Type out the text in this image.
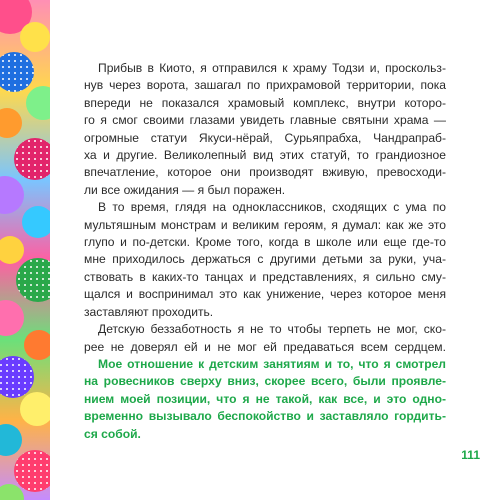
Прибыв в Киото, я отправился к храму Тодзи и, проскольз-
нув через ворота, зашагал по прихрамовой территории, пока
впереди не показался храмовый комплекс, внутри которо-
го я смог своими глазами увидеть главные святыни храма —
огромные статуи Якуси-нёрай, Сурьяпрабха, Чандрапраб-
ха и другие. Великолепный вид этих статуй, то грандиозное
впечатление, которое они производят вживую, превосходи-
ли все ожидания — я был поражен.
В то время, глядя на одноклассников, сходящих с ума по
мультяшным монстрам и великим героям, я думал: как же это
глупо и по-детски. Кроме того, когда в школе или еще где-то
мне приходилось держаться с другими детьми за руки, уча-
ствовать в каких-то танцах и представлениях, я сильно сму-
щался и воспринимал это как унижение, через которое меня
заставляют проходить.
Детскую беззаботность я не то чтобы терпеть не мог, ско-
рее не доверял ей и не мог ей предаваться всем сердцем.
Мое отношение к детским занятиям и то, что я смотрел
на ровесников сверху вниз, скорее всего, были проявле-
нием моей позиции, что я не такой, как все, и это одно-
временно вызывало беспокойство и заставляло гордить-
ся собой.
111
